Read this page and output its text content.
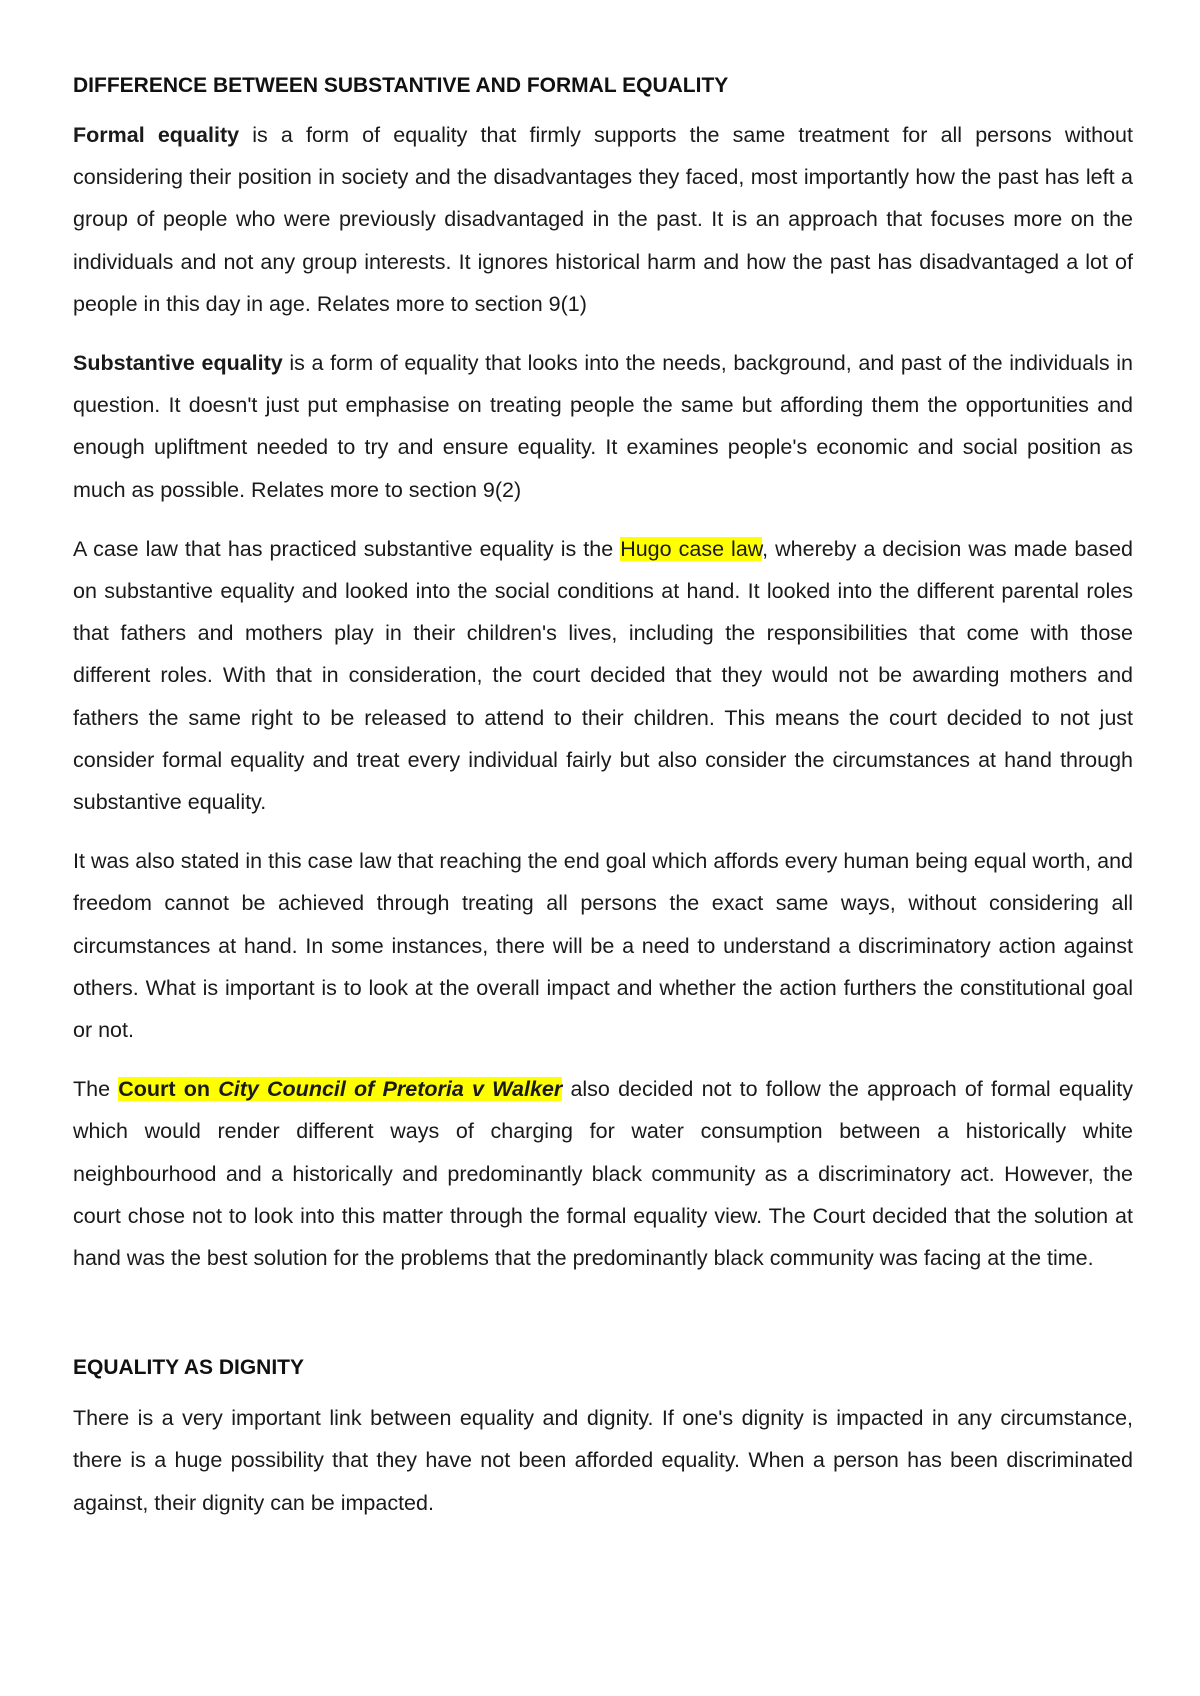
DIFFERENCE BETWEEN SUBSTANTIVE AND FORMAL EQUALITY

Formal equality is a form of equality that firmly supports the same treatment for all persons without considering their position in society and the disadvantages they faced, most importantly how the past has left a group of people who were previously disadvantaged in the past. It is an approach that focuses more on the individuals and not any group interests. It ignores historical harm and how the past has disadvantaged a lot of people in this day in age. Relates more to section 9(1)

Substantive equality is a form of equality that looks into the needs, background, and past of the individuals in question. It doesn't just put emphasise on treating people the same but affording them the opportunities and enough upliftment needed to try and ensure equality. It examines people's economic and social position as much as possible. Relates more to section 9(2)

A case law that has practiced substantive equality is the Hugo case law, whereby a decision was made based on substantive equality and looked into the social conditions at hand. It looked into the different parental roles that fathers and mothers play in their children's lives, including the responsibilities that come with those different roles. With that in consideration, the court decided that they would not be awarding mothers and fathers the same right to be released to attend to their children. This means the court decided to not just consider formal equality and treat every individual fairly but also consider the circumstances at hand through substantive equality.

It was also stated in this case law that reaching the end goal which affords every human being equal worth, and freedom cannot be achieved through treating all persons the exact same ways, without considering all circumstances at hand. In some instances, there will be a need to understand a discriminatory action against others. What is important is to look at the overall impact and whether the action furthers the constitutional goal or not.

The Court on City Council of Pretoria v Walker also decided not to follow the approach of formal equality which would render different ways of charging for water consumption between a historically white neighbourhood and a historically and predominantly black community as a discriminatory act. However, the court chose not to look into this matter through the formal equality view. The Court decided that the solution at hand was the best solution for the problems that the predominantly black community was facing at the time.

EQUALITY AS DIGNITY

There is a very important link between equality and dignity. If one's dignity is impacted in any circumstance, there is a huge possibility that they have not been afforded equality. When a person has been discriminated against, their dignity can be impacted.
